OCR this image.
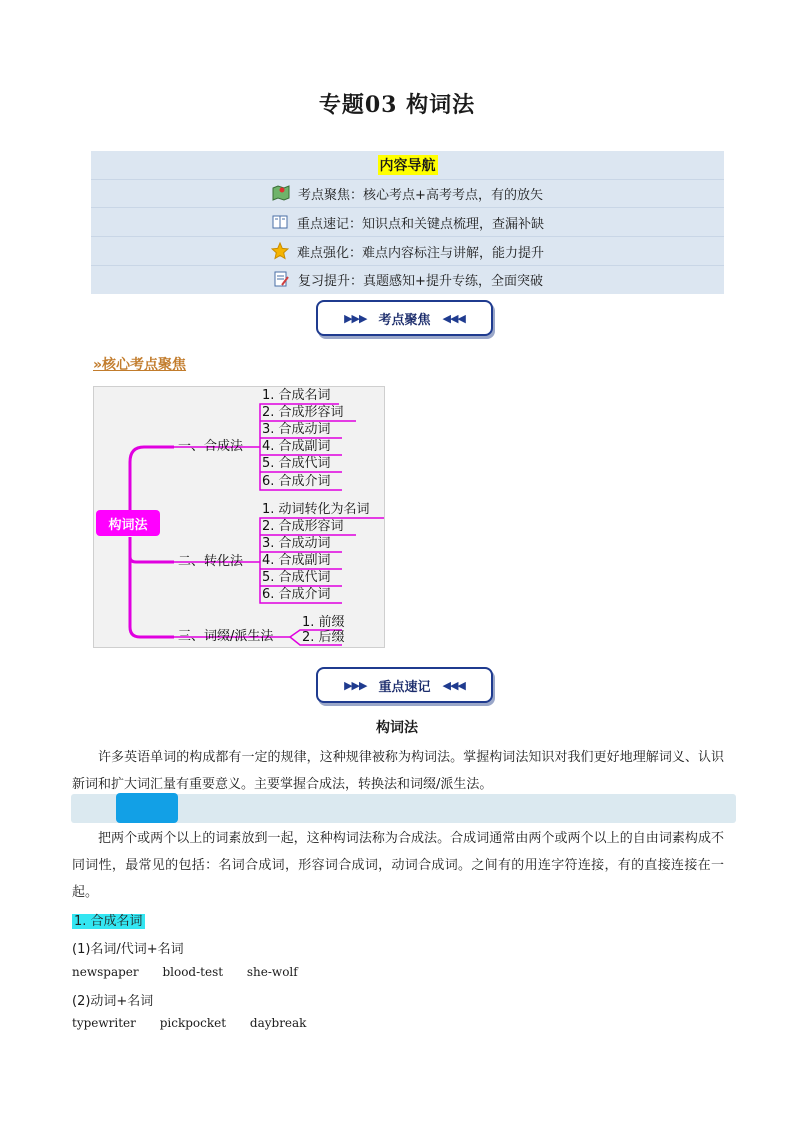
专题03 构词法
内容导航
考点聚焦：核心考点+高考考点，有的放矢
重点速记：知识点和关键点梳理，查漏补缺
难点强化：难点内容标注与讲解，能力提升
复习提升：真题感知+提升专练，全面突破
▶▶▶ 考点聚焦 ◀◀◀
»核心考点聚焦
构词法
一、合成法
二、转化法
三、词缀/派生法
1. 合成名词
2. 合成形容词
3. 合成动词
4. 合成副词
5. 合成代词
6. 合成介词
1. 动词转化为名词
2. 合成形容词
3. 合成动词
4. 合成副词
5. 合成代词
6. 合成介词
1. 前缀
2. 后缀
▶▶▶ 重点速记 ◀◀◀
构词法
许多英语单词的构成都有一定的规律，这种规律被称为构词法。掌握构词法知识对我们更好地理解词义、认识新词和扩大词汇量有重要意义。主要掌握合成法，转换法和词缀/派生法。
把两个或两个以上的词素放到一起，这种构词法称为合成法。合成词通常由两个或两个以上的自由词素构成不同词性，最常见的包括：名词合成词，形容词合成词，动词合成词。之间有的用连字符连接，有的直接连接在一起。
1. 合成名词
(1)名词/代词+名词
newspaper blood-test she-wolf
(2)动词+名词
typewriter pickpocket daybreak
